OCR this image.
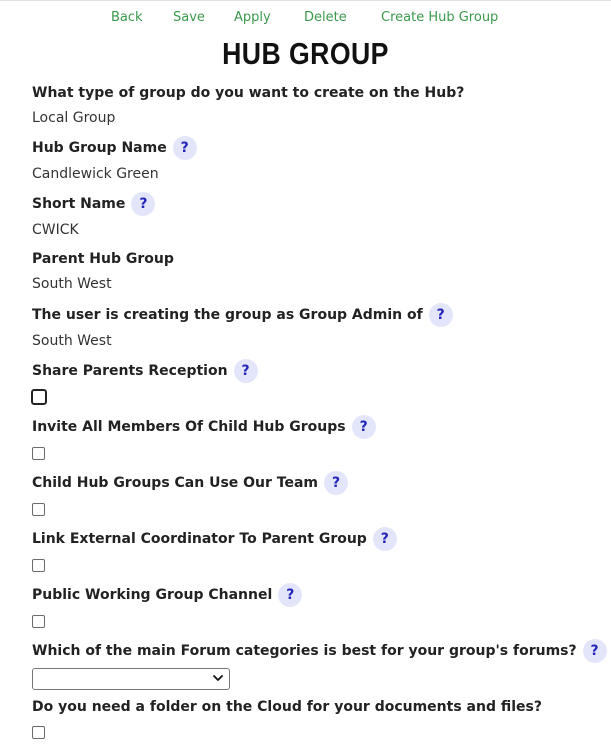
Back Save Apply	Delete	Create Hub Group
HUB GROUP
What type of group do you want to create on the Hub?
Local Group
Hub Group Name ?
Candlewick Green
Short Name ?
CWICK
Parent Hub Group
South West
The user is creating the group as Group Admin of ?
South West
Share Parents Reception ?
Invite All Members Of Child Hub Groups ?
Child Hub Groups Can Use Our Team ?
Link External Coordinator To Parent Group ?
Public Working Group Channel ?
Which of the main Forum categories is best for your group's forums? ?
Do you need a folder on the Cloud for your documents and files?
